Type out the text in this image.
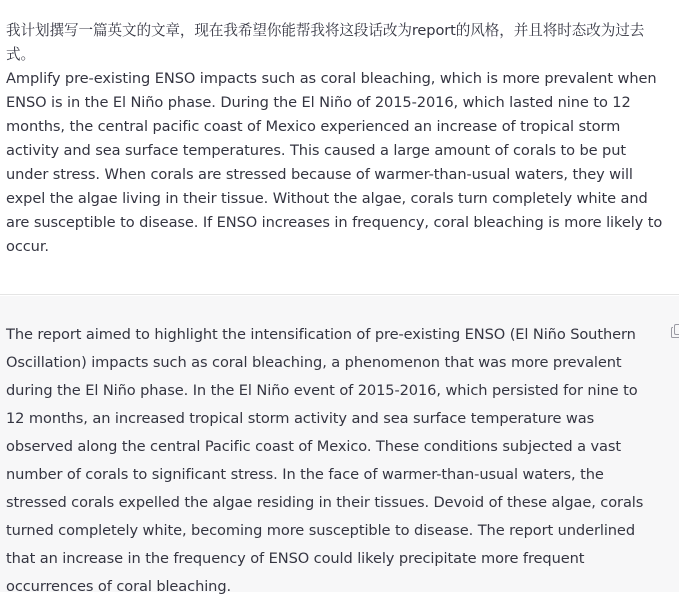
我计划撰写一篇英文的文章，现在我希望你能帮我将这段话改为report的风格，并且将时态改为过去式。
Amplify pre-existing ENSO impacts such as coral bleaching, which is more prevalent when ENSO is in the El Niño phase. During the El Niño of 2015-2016, which lasted nine to 12 months, the central pacific coast of Mexico experienced an increase of tropical storm activity and sea surface temperatures. This caused a large amount of corals to be put under stress. When corals are stressed because of warmer-than-usual waters, they will expel the algae living in their tissue. Without the algae, corals turn completely white and are susceptible to disease. If ENSO increases in frequency, coral bleaching is more likely to occur.
The report aimed to highlight the intensification of pre-existing ENSO (El Niño Southern Oscillation) impacts such as coral bleaching, a phenomenon that was more prevalent during the El Niño phase. In the El Niño event of 2015-2016, which persisted for nine to 12 months, an increased tropical storm activity and sea surface temperature was observed along the central Pacific coast of Mexico. These conditions subjected a vast number of corals to significant stress. In the face of warmer-than-usual waters, the stressed corals expelled the algae residing in their tissues. Devoid of these algae, corals turned completely white, becoming more susceptible to disease. The report underlined that an increase in the frequency of ENSO could likely precipitate more frequent occurrences of coral bleaching.
